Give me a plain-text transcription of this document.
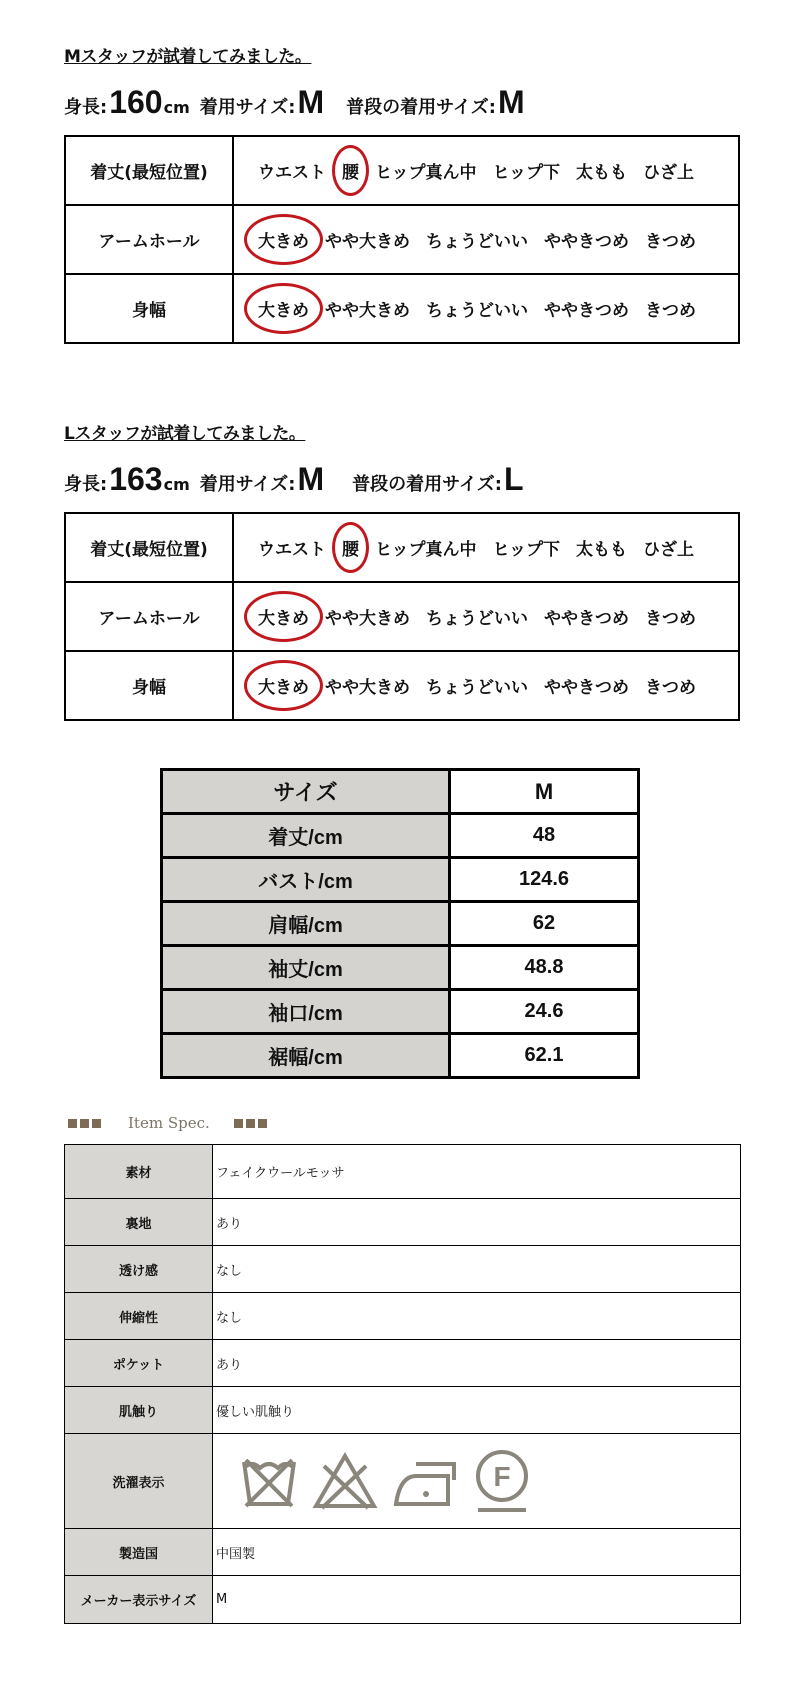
Mスタッフが試着してみました。
身長: 160 cm 着用サイズ: M 普段の着用サイズ: M
着丈(最短位置)	ウエスト 腰 ヒップ真ん中 ヒップ下 太もも ひざ上
アームホール	大きめ やや大きめ ちょうどいい ややきつめ きつめ
身幅	大きめ やや大きめ ちょうどいい ややきつめ きつめ
Lスタッフが試着してみました。
身長: 163 cm 着用サイズ: M 普段の着用サイズ: L
着丈(最短位置)	ウエスト 腰 ヒップ真ん中 ヒップ下 太もも ひざ上
アームホール	大きめ やや大きめ ちょうどいい ややきつめ きつめ
身幅	大きめ やや大きめ ちょうどいい ややきつめ きつめ
サイズ	M
着丈/cm	48
バスト/cm	124.6
肩幅/cm	62
袖丈/cm	48.8
袖口/cm	24.6
裾幅/cm	62.1
Item Spec.
素材	フェイクウールモッサ
裏地	あり
透け感	なし
伸縮性	なし
ポケット	あり
肌触り	優しい肌触り
洗濯表示	F

製造国	中国製
メーカー表示サイズ	M
